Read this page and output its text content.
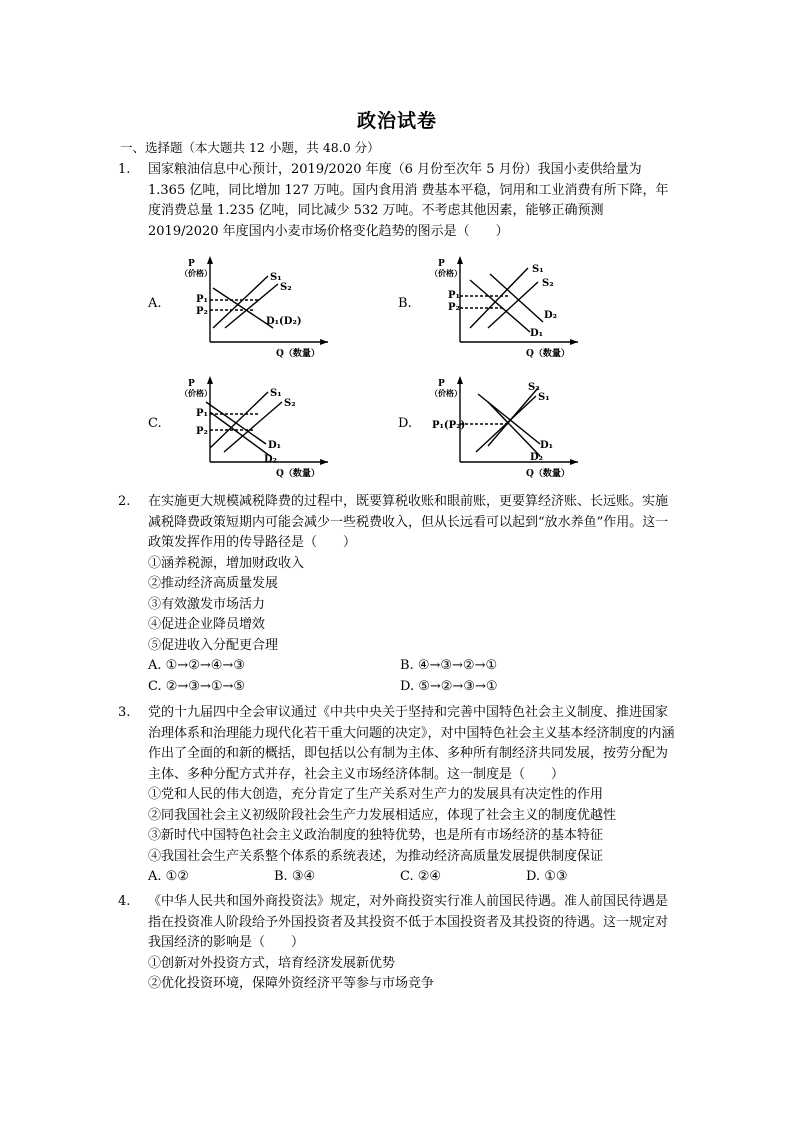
政治试卷
一、选择题（本大题共 12 小题，共 48.0 分）
1. 国家粮油信息中心预计，2019/2020 年度（6 月份至次年 5 月份）我国小麦供给量为 1.365 亿吨，同比增加 127 万吨。国内食用消 费基本平稳，饲用和工业消费有所下降，年度消费总量 1.235 亿吨，同比减少 532 万吨。不考虑其他因素，能够正确预测 2019/2020 年度国内小麦市场价格变化趋势的图示是（　　）
A.
P
（价格）
Q（数量）
S₁
S₂
D₁(D₂)
P₁
P₂
B.
P
（价格）
Q（数量）
S₁
S₂
D₁
D₂
P₁
P₂
C.
P
（价格）
Q（数量）
S₁
S₂
D₁
D₂
P₁
P₂
D.
P
（价格）
Q（数量）
S₁
S₂
D₁
D₂
P₁(P₂)
2. 在实施更大规模减税降费的过程中，既要算税收账和眼前账，更要算经济账、长远账。实施减税降费政策短期内可能会减少一些税费收入，但从长远看可以起到“放水养鱼”作用。这一政策发挥作用的传导路径是（　　）
①涵养税源，增加财政收入
②推动经济高质量发展
③有效激发市场活力
④促进企业降员增效
⑤促进收入分配更合理
A. ①→②→④→③	B. ④→③→②→①
C. ②→③→①→⑤	D. ⑤→②→③→①
3. 党的十九届四中全会审议通过《中共中央关于坚持和完善中国特色社会主义制度、推进国家治理体系和治理能力现代化若干重大问题的决定》，对中国特色社会主义基本经济制度的内涵作出了全面的和新的概括，即包括以公有制为主体、多种所有制经济共同发展，按劳分配为主体、多种分配方式并存，社会主义市场经济体制。这一制度是（　　）
①党和人民的伟大创造，充分肯定了生产关系对生产力的发展具有决定性的作用
②同我国社会主义初级阶段社会生产力发展相适应，体现了社会主义的制度优越性
③新时代中国特色社会主义政治制度的独特优势，也是所有市场经济的基本特征
④我国社会生产关系整个体系的系统表述，为推动经济高质量发展提供制度保证
A. ①②	B. ③④	C. ②④	D. ①③
4. 《中华人民共和国外商投资法》规定，对外商投资实行准人前国民待遇。准人前国民待遇是指在投资准人阶段给予外国投资者及其投资不低于本国投资者及其投资的待遇。这一规定对我国经济的影响是（　　）
①创新对外投资方式，培育经济发展新优势
②优化投资环境，保障外资经济平等参与市场竞争
